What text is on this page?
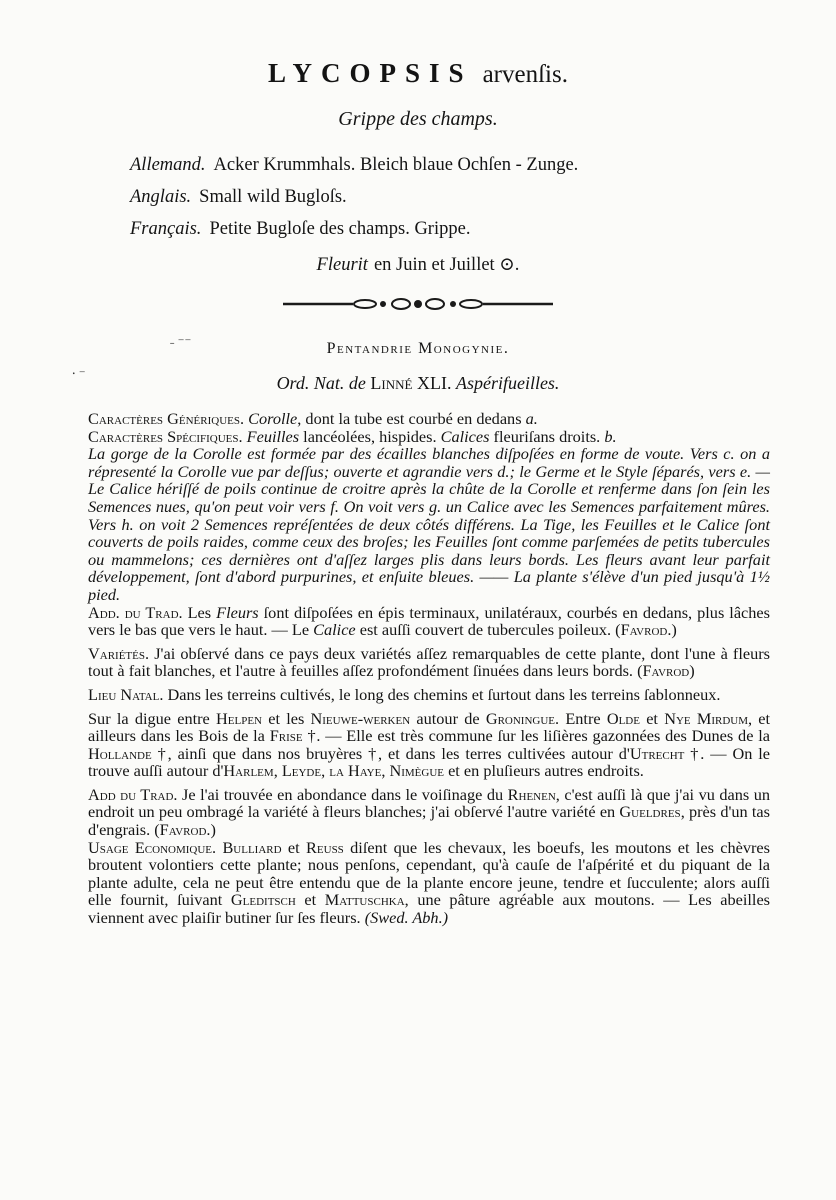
LYCOPSIS arvenſis.
Grippe des champs.
Allemand. Acker Krummhals. Bleich blaue Ochſen - Zunge.
Anglais. Small wild Bugloſs.
Français. Petite Bugloſe des champs. Grippe.
Fleurit en Juin et Juillet ⊙.
˗ ⁻⁻
⸱ ⁻
Pentandrie Monogynie.
Ord. Nat. de Linné XLI. Aspérifueilles.

Caractères Génériques. Corolle, dont la tube est courbé en dedans a.

Caractères Spécifiques. Feuilles lancéolées, hispides. Calices fleuriſans droits. b.

La gorge de la Corolle est formée par des écailles blanches diſpoſées en forme de voute. Vers c. on a répresenté la Corolle vue par deſſus; ouverte et agrandie vers d.; le Germe et le Style ſéparés, vers e. — Le Calice hériſſé de poils continue de croitre après la chûte de la Corolle et renferme dans ſon ſein les Semences nues, qu'on peut voir vers f. On voit vers g. un Calice avec les Semences parfaitement mûres. Vers h. on voit 2 Semences repréſentées de deux côtés différens. La Tige, les Feuilles et le Calice ſont couverts de poils raides, comme ceux des broſes; les Feuilles ſont comme parſemées de petits tubercules ou mammelons; ces dernières ont d'aſſez larges plis dans leurs bords. Les fleurs avant leur parfait développement, ſont d'abord purpurines, et enſuite bleues. —— La plante s'élève d'un pied jusqu'à 1½ pied.

Add. du Trad. Les Fleurs ſont diſpoſées en épis terminaux, unilatéraux, courbés en dedans, plus lâches vers le bas que vers le haut. — Le Calice est auſſi couvert de tubercules poileux. (Favrod.)

Variétés. J'ai obſervé dans ce pays deux variétés aſſez remarquables de cette plante, dont l'une à fleurs tout à fait blanches, et l'autre à feuilles aſſez profondément ſinuées dans leurs bords. (Favrod)

Lieu Natal. Dans les terreins cultivés, le long des chemins et ſurtout dans les terreins ſablonneux.

Sur la digue entre Helpen et les Nieuwe-werken autour de Groningue. Entre Olde et Nye Mirdum, et ailleurs dans les Bois de la Friſe †. — Elle est très commune ſur les liſières gazonnées des Dunes de la Hollande †, ainſi que dans nos bruyères †, et dans les terres cultivées autour d'Utrecht †. — On le trouve auſſi autour d'Harlem, Leyde, la Haye, Nimègue et en pluſieurs autres endroits.

Add du Trad. Je l'ai trouvée en abondance dans le voiſinage du Rhenen, c'est auſſi là que j'ai vu dans un endroit un peu ombragé la variété à fleurs blanches; j'ai obſervé l'autre variété en Gueldres, près d'un tas d'engrais. (Favrod.)

Usage Economique. Bulliard et Reuss diſent que les chevaux, les boeufs, les moutons et les chèvres broutent volontiers cette plante; nous penſons, cependant, qu'à cauſe de l'aſpérité et du piquant de la plante adulte, cela ne peut être entendu que de la plante encore jeune, tendre et ſucculente; alors auſſi elle fournit, ſuivant Gleditsch et Mattuschka, une pâture agréable aux moutons. — Les abeilles viennent avec plaiſir butiner ſur ſes fleurs. (Swed. Abh.)
